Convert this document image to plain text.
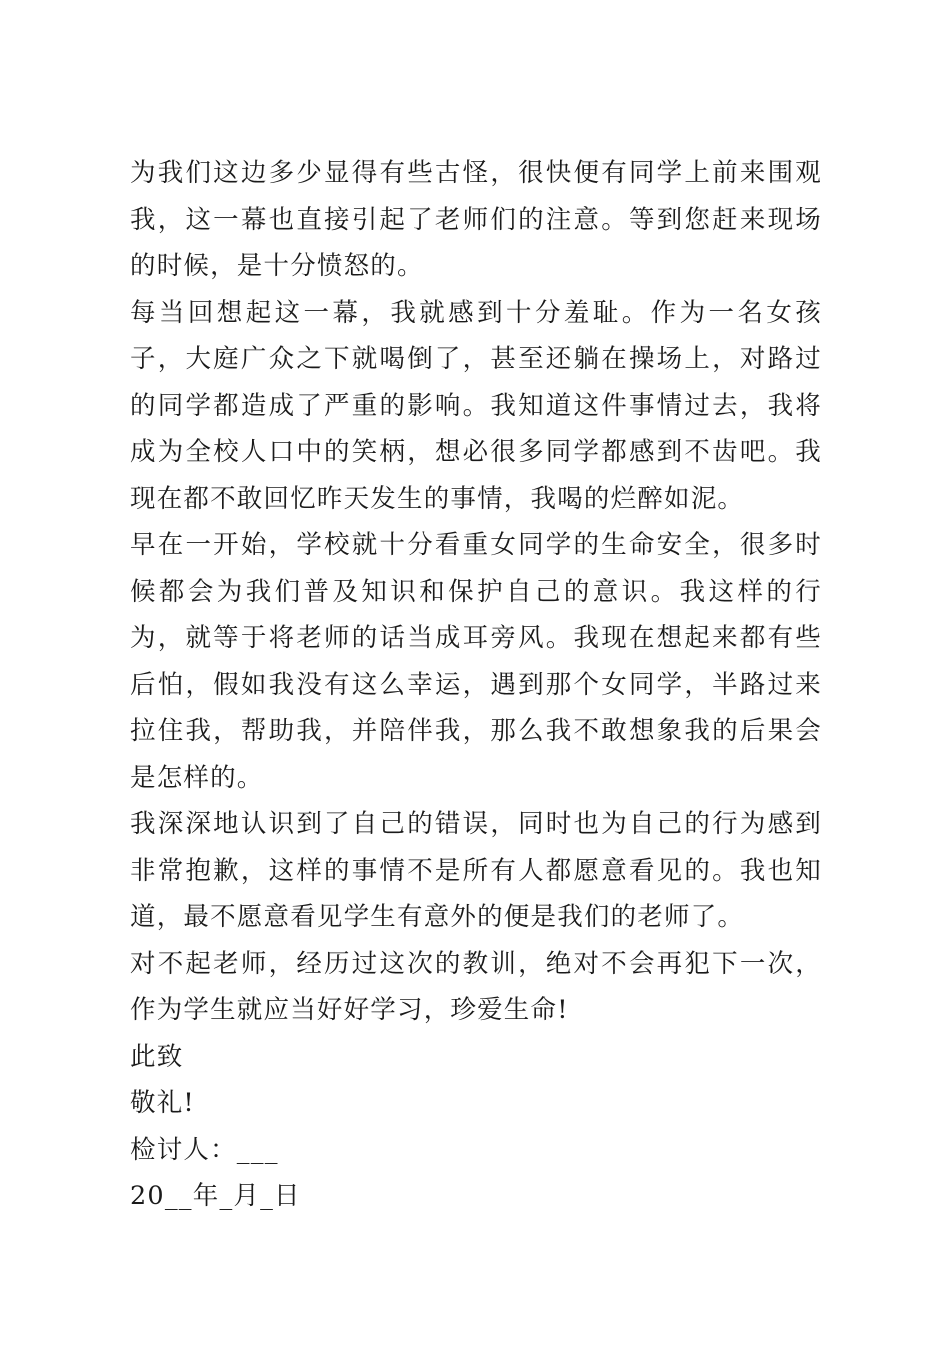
为我们这边多少显得有些古怪，很快便有同学上前来围观我，这一幕也直接引起了老师们的注意。等到您赶来现场的时候，是十分愤怒的。

每当回想起这一幕，我就感到十分羞耻。作为一名女孩子，大庭广众之下就喝倒了，甚至还躺在操场上，对路过的同学都造成了严重的影响。我知道这件事情过去，我将成为全校人口中的笑柄，想必很多同学都感到不齿吧。我现在都不敢回忆昨天发生的事情，我喝的烂醉如泥。

早在一开始，学校就十分看重女同学的生命安全，很多时候都会为我们普及知识和保护自己的意识。我这样的行为，就等于将老师的话当成耳旁风。我现在想起来都有些后怕，假如我没有这么幸运，遇到那个女同学，半路过来拉住我，帮助我，并陪伴我，那么我不敢想象我的后果会是怎样的。

我深深地认识到了自己的错误，同时也为自己的行为感到非常抱歉，这样的事情不是所有人都愿意看见的。我也知道，最不愿意看见学生有意外的便是我们的老师了。

对不起老师，经历过这次的教训，绝对不会再犯下一次，作为学生就应当好好学习，珍爱生命!

此致

敬礼!

检讨人：___

20__年_月_日
